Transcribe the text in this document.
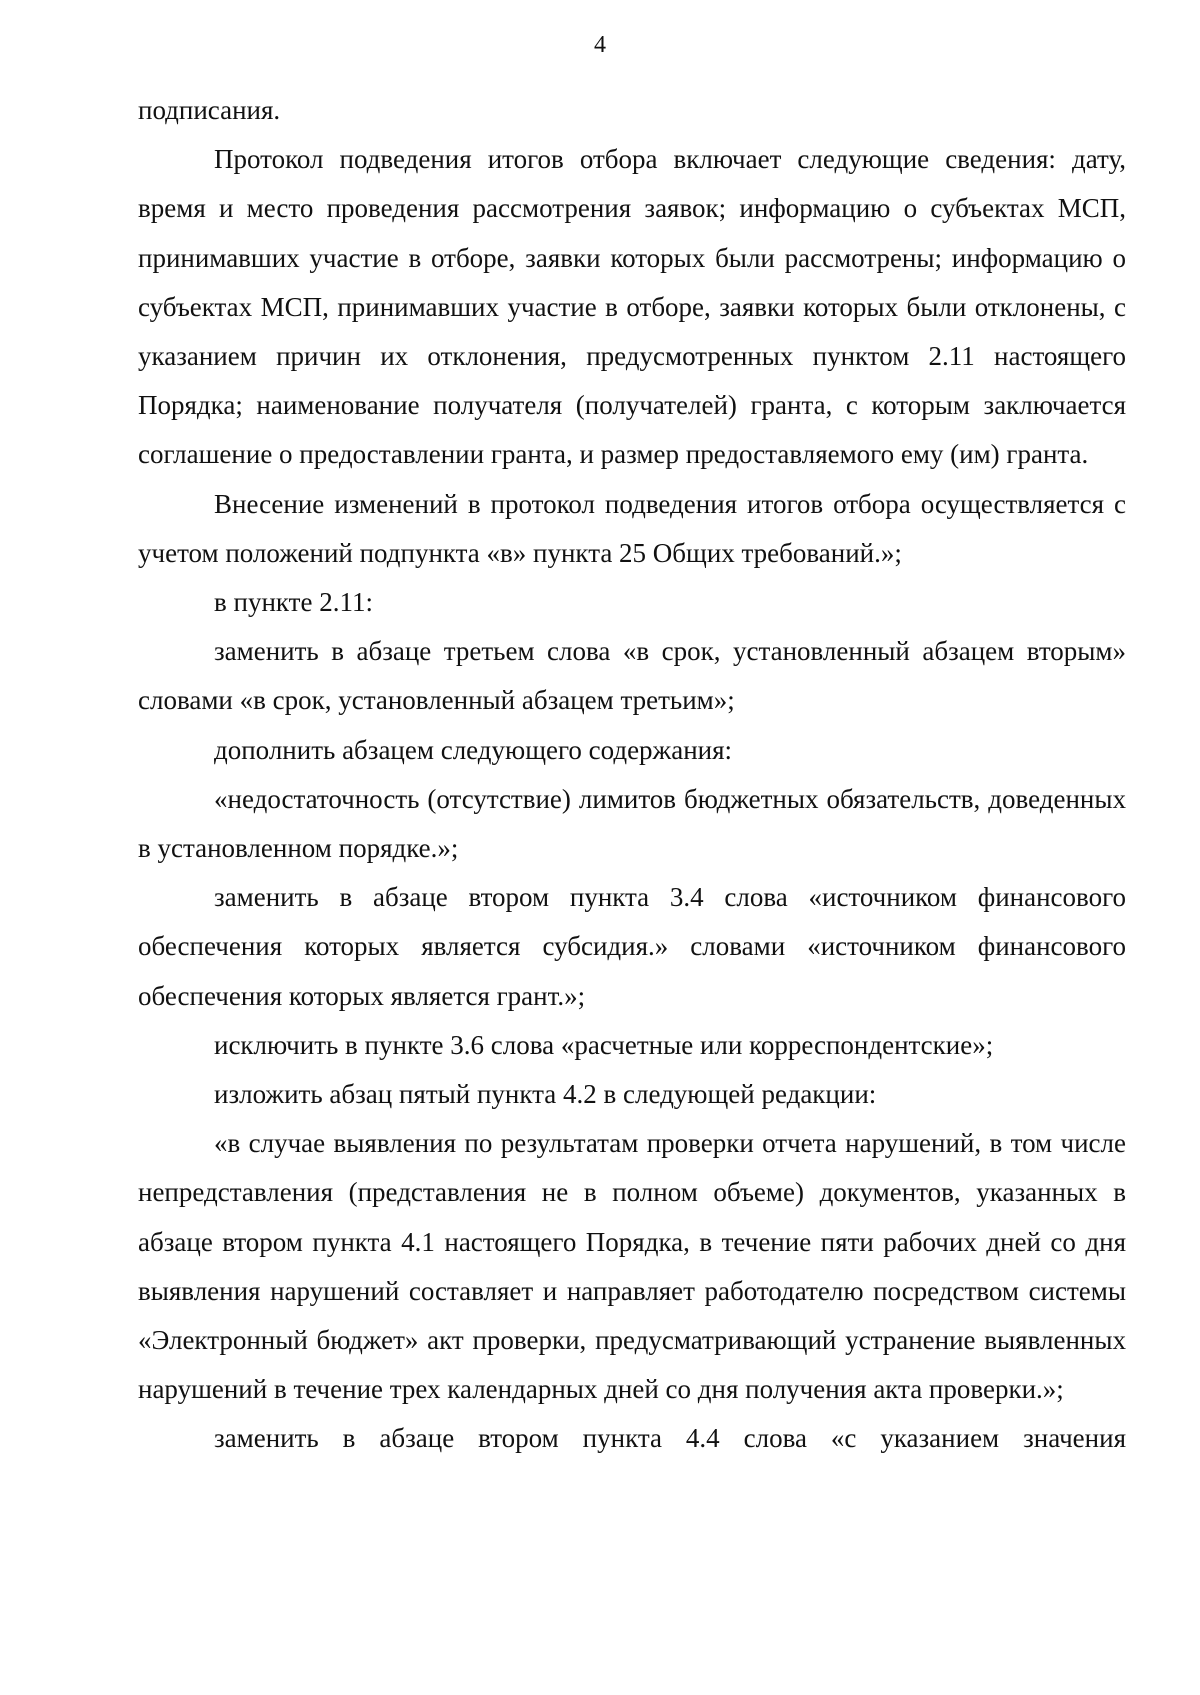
4

подписания.

Протокол подведения итогов отбора включает следующие сведения: дату, время и место проведения рассмотрения заявок; информацию о субъектах МСП, принимавших участие в отборе, заявки которых были рассмотрены; информацию о субъектах МСП, принимавших участие в отборе, заявки которых были отклонены, с указанием причин их отклонения, предусмотренных пунктом 2.11 настоящего Порядка; наименование получателя (получателей) гранта, с которым заключается соглашение о предоставлении гранта, и размер предоставляемого ему (им) гранта.

Внесение изменений в протокол подведения итогов отбора осуществляется с учетом положений подпункта «в» пункта 25 Общих требований.»;

в пункте 2.11:

заменить в абзаце третьем слова «в срок, установленный абзацем вторым» словами «в срок, установленный абзацем третьим»;

дополнить абзацем следующего содержания:

«недостаточность (отсутствие) лимитов бюджетных обязательств, доведенных в установленном порядке.»;

заменить в абзаце втором пункта 3.4 слова «источником финансового обеспечения которых является субсидия.» словами «источником финансового обеспечения которых является грант.»;

исключить в пункте 3.6 слова «расчетные или корреспондентские»;

изложить абзац пятый пункта 4.2 в следующей редакции:

«в случае выявления по результатам проверки отчета нарушений, в том числе непредставления (представления не в полном объеме) документов, указанных в абзаце втором пункта 4.1 настоящего Порядка, в течение пяти рабочих дней со дня выявления нарушений составляет и направляет работодателю посредством системы «Электронный бюджет» акт проверки, предусматривающий устранение выявленных нарушений в течение трех календарных дней со дня получения акта проверки.»;

заменить в абзаце втором пункта 4.4 слова «с указанием значения
